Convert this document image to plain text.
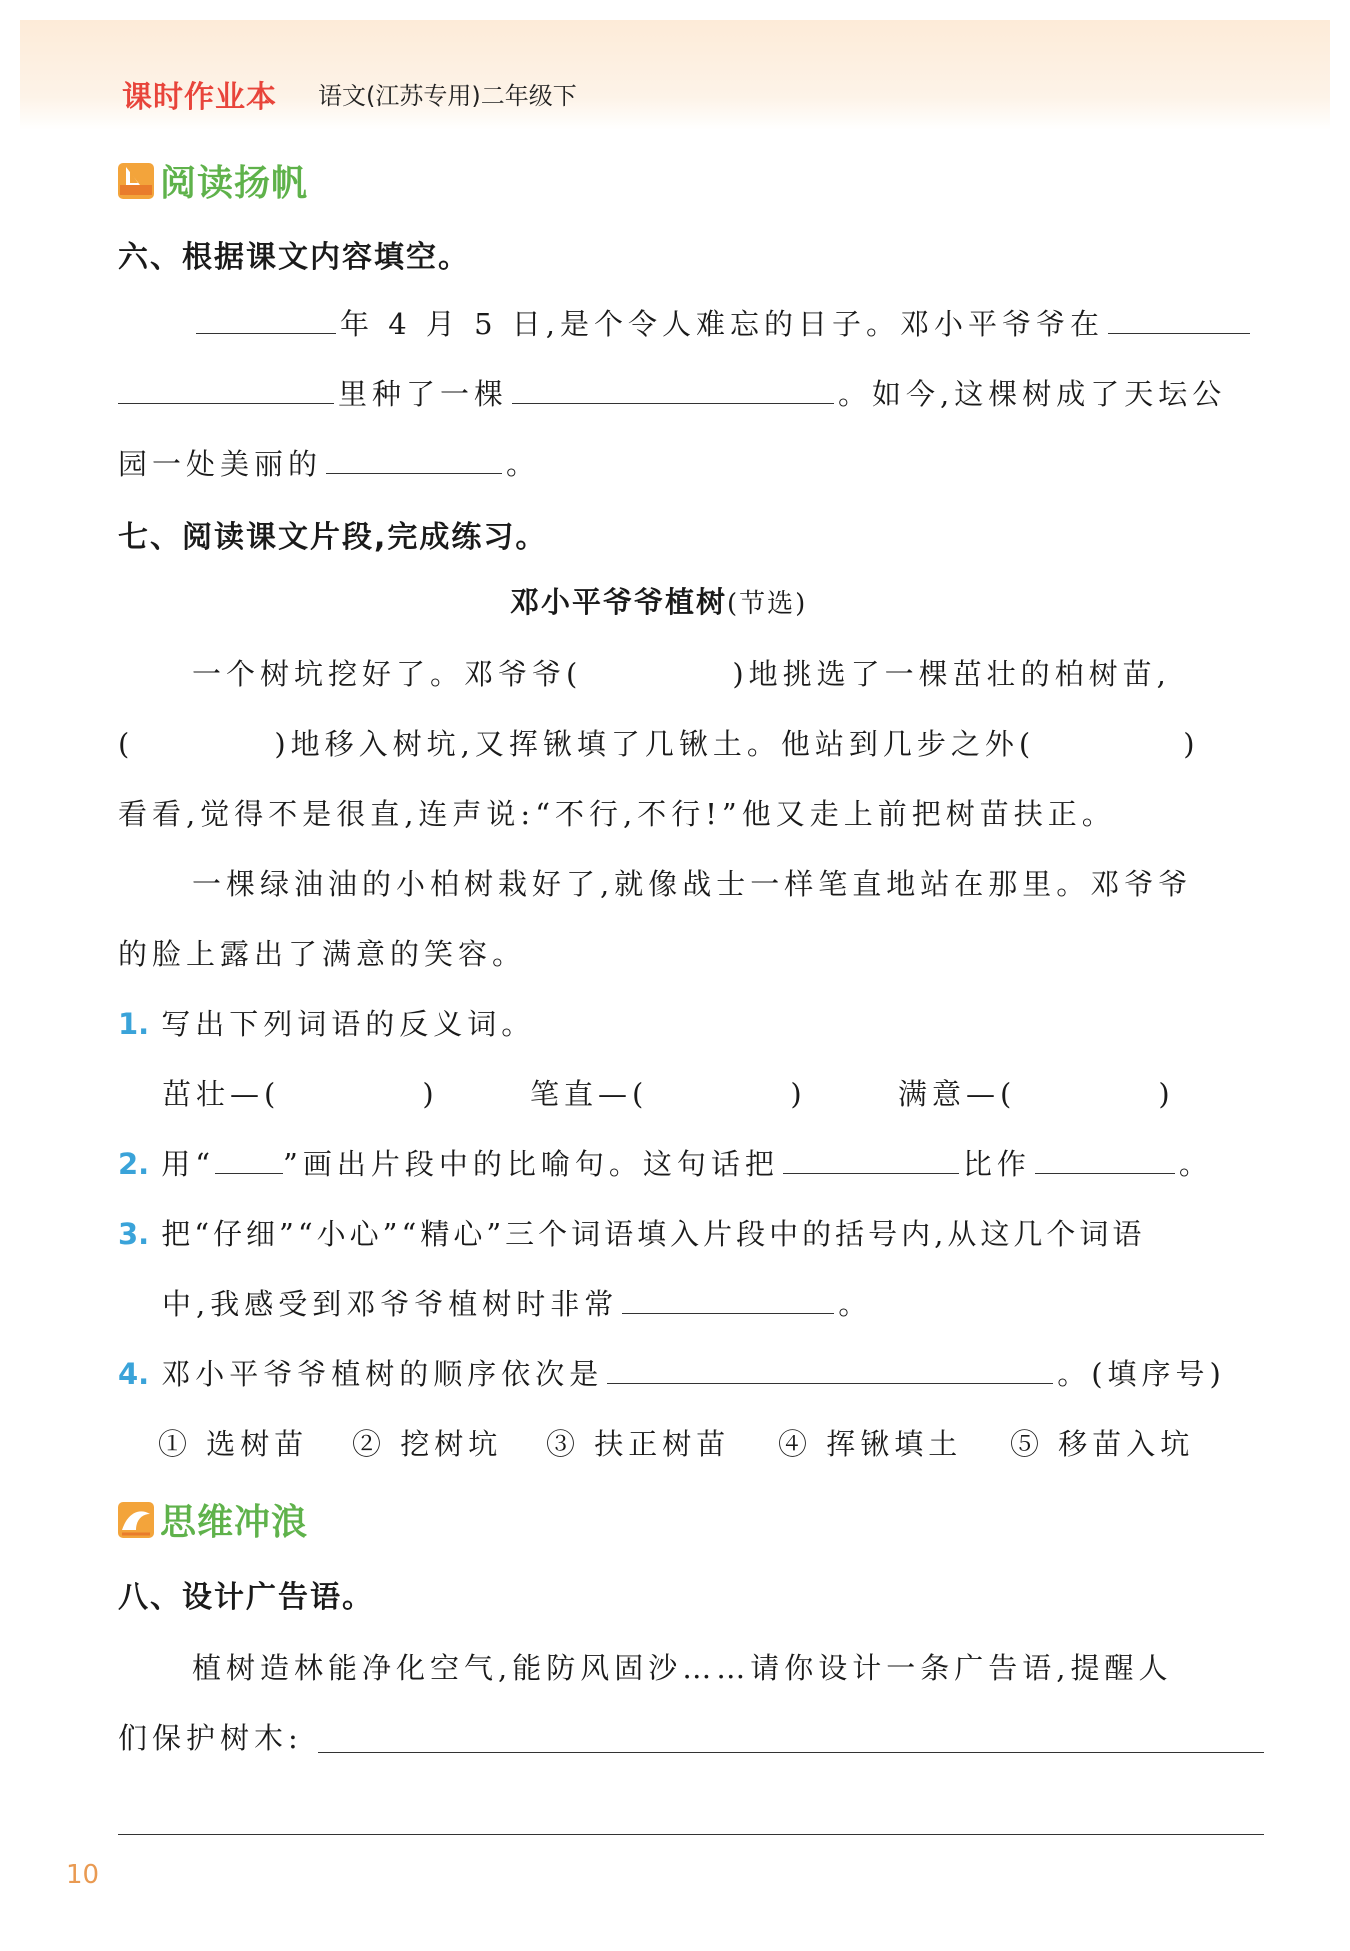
课时作业本 语文(江苏专用)二年级下
阅读扬帆
六、根据课文内容填空。
年 4 月 5 日,是个令人难忘的日子。邓小平爷爷在
里种了一棵	。如今,这棵树成了天坛公
园一处美丽的	。
七、阅读课文片段,完成练习。
邓小平爷爷植树(节选)
一个树坑挖好了。邓爷爷(	)地挑选了一棵茁壮的柏树苗,
(	)地移入树坑,又挥锹填了几锹土。他站到几步之外(	)
看看,觉得不是很直,连声说:“不行,不行!”他又走上前把树苗扶正。
一棵绿油油的小柏树栽好了,就像战士一样笔直地站在那里。邓爷爷
的脸上露出了满意的笑容。
1. 写出下列词语的反义词。
茁壮—(	)	笔直—(	)	满意—(	)
2. 用“ ”画出片段中的比喻句。这句话把	比作	。
3. 把“仔细”“小心”“精心”三个词语填入片段中的括号内,从这几个词语
中,我感受到邓爷爷植树时非常	。
4. 邓小平爷爷植树的顺序依次是	。(填序号)
① 选树苗 ② 挖树坑 ③ 扶正树苗 ④ 挥锹填土 ⑤ 移苗入坑
思维冲浪
八、设计广告语。
植树造林能净化空气,能防风固沙……请你设计一条广告语,提醒人
们保护树木:
10
